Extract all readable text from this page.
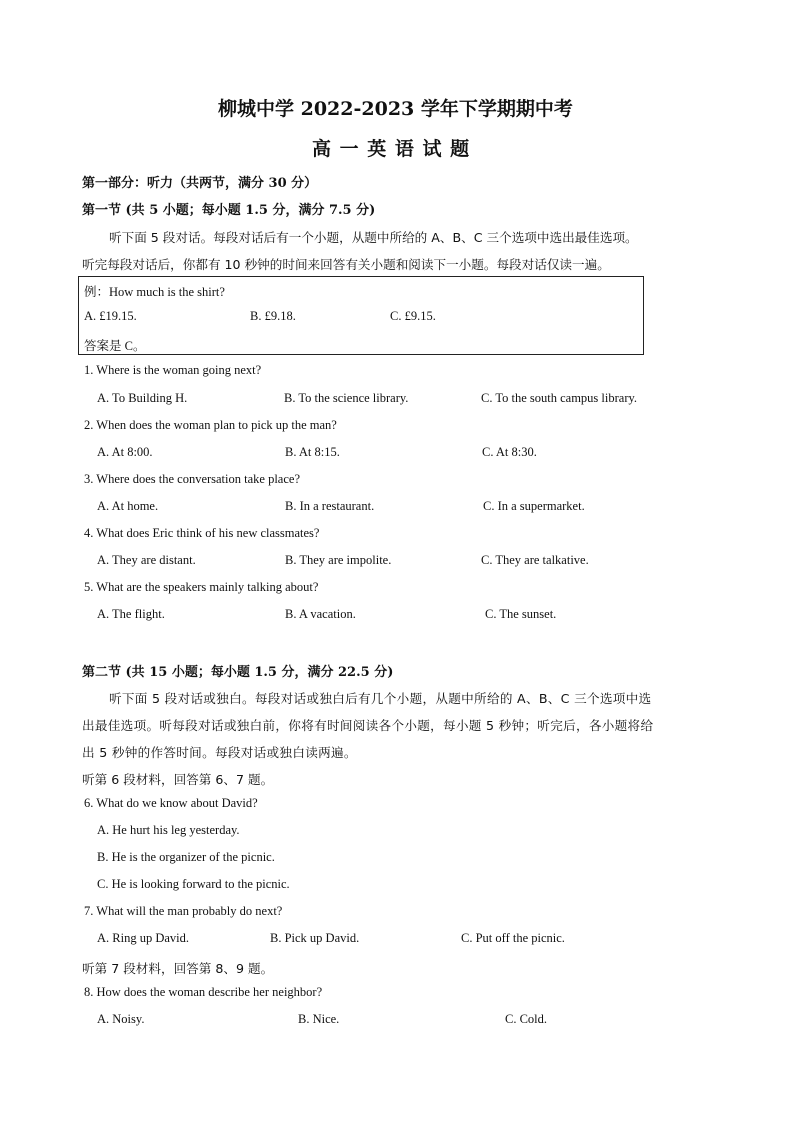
柳城中学 2022-2023 学年下学期期中考
高 一 英 语 试 题
第一部分：听力（共两节，满分 30 分）
第一节 (共 5 小题；每小题 1.5 分，满分 7.5 分)
听下面 5 段对话。每段对话后有一个小题，从题中所给的 A、B、C 三个选项中选出最佳选项。
听完每段对话后，你都有 10 秒钟的时间来回答有关小题和阅读下一小题。每段对话仅读一遍。
例：How much is the shirt?
A. £19.15.	B. £9.18.	C. £9.15.
答案是 C。
1. Where is the woman going next?
A. To Building H.	B. To the science library.	C. To the south campus library.
2. When does the woman plan to pick up the man?
A. At 8:00.	B. At 8:15.	C. At 8:30.
3. Where does the conversation take place?
A. At home.	B. In a restaurant.	C. In a supermarket.
4. What does Eric think of his new classmates?
A. They are distant.	B. They are impolite.	C. They are talkative.
5. What are the speakers mainly talking about?
A. The flight.	B. A vacation.	C. The sunset.
第二节 (共 15 小题；每小题 1.5 分，满分 22.5 分)
听下面 5 段对话或独白。每段对话或独白后有几个小题，从题中所给的 A、B、C 三个选项中选
出最佳选项。听每段对话或独白前，你将有时间阅读各个小题，每小题 5 秒钟；听完后，各小题将给
出 5 秒钟的作答时间。每段对话或独白读两遍。
听第 6 段材料，回答第 6、7 题。
6. What do we know about David?
A. He hurt his leg yesterday.
B. He is the organizer of the picnic.
C. He is looking forward to the picnic.
7. What will the man probably do next?
A. Ring up David.	B. Pick up David.	C. Put off the picnic.
听第 7 段材料，回答第 8、9 题。
8. How does the woman describe her neighbor?
A. Noisy.	B. Nice.	C. Cold.
